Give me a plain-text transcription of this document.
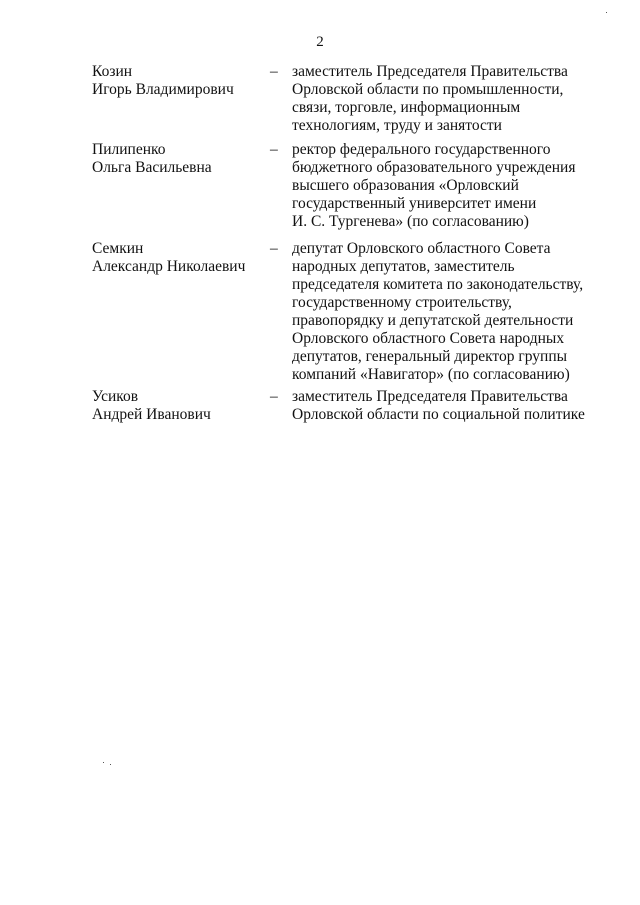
2
Козин
Игорь Владимирович
– заместитель Председателя Правительства
Орловской области по промышленности,
связи, торговле, информационным
технологиям, труду и занятости
Пилипенко
Ольга Васильевна
– ректор федерального государственного
бюджетного образовательного учреждения
высшего образования «Орловский
государственный университет имени
И. С. Тургенева» (по согласованию)
Семкин
Александр Николаевич
– депутат Орловского областного Совета
народных депутатов, заместитель
председателя комитета по законодательству,
государственному строительству,
правопорядку и депутатской деятельности
Орловского областного Совета народных
депутатов, генеральный директор группы
компаний «Навигатор» (по согласованию)
Усиков
Андрей Иванович
– заместитель Председателя Правительства
Орловской области по социальной политике
